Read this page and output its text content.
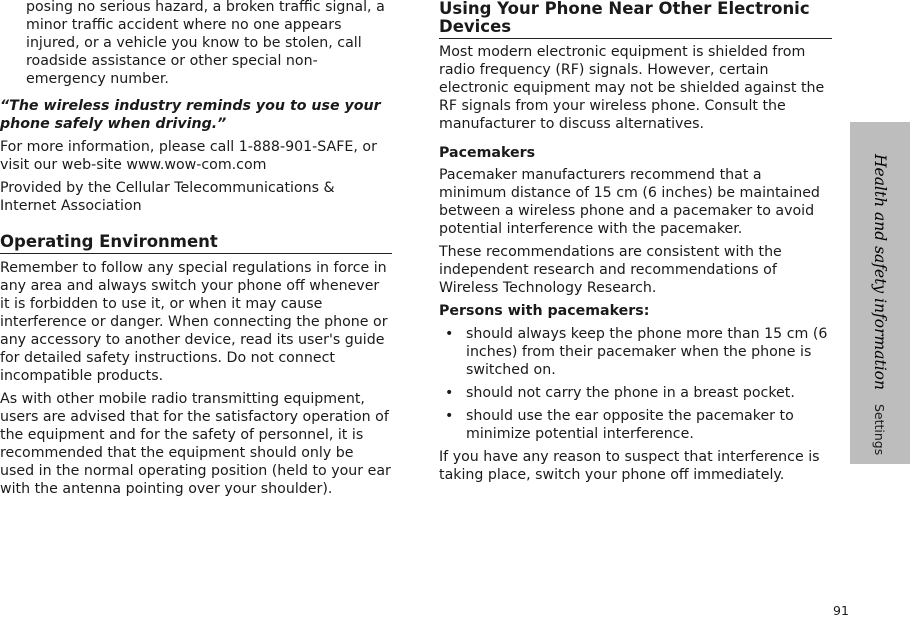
posing no serious hazard, a broken traffic signal, a minor traffic accident where no one appears injured, or a vehicle you know to be stolen, call roadside assistance or other special non-emergency number.

“The wireless industry reminds you to use your phone safely when driving.”

For more information, please call 1-888-901-SAFE, or visit our web-site www.wow-com.com

Provided by the Cellular Telecommunications & Internet Association

Operating Environment

Remember to follow any special regulations in force in any area and always switch your phone off whenever it is forbidden to use it, or when it may cause interference or danger. When connecting the phone or any accessory to another device, read its user's guide for detailed safety instructions. Do not connect incompatible products.

As with other mobile radio transmitting equipment, users are advised that for the satisfactory operation of the equipment and for the safety of personnel, it is recommended that the equipment should only be used in the normal operating position (held to your ear with the antenna pointing over your shoulder).

Using Your Phone Near Other Electronic Devices

Most modern electronic equipment is shielded from radio frequency (RF) signals. However, certain electronic equipment may not be shielded against the RF signals from your wireless phone. Consult the manufacturer to discuss alternatives.

Pacemakers

Pacemaker manufacturers recommend that a minimum distance of 15 cm (6 inches) be maintained between a wireless phone and a pacemaker to avoid potential interference with the pacemaker.

These recommendations are consistent with the independent research and recommendations of Wireless Technology Research.

Persons with pacemakers:
• should always keep the phone more than 15 cm (6 inches) from their pacemaker when the phone is switched on.
• should not carry the phone in a breast pocket.
• should use the ear opposite the pacemaker to minimize potential interference.

If you have any reason to suspect that interference is taking place, switch your phone off immediately.

Health and safety information
Settings
91
